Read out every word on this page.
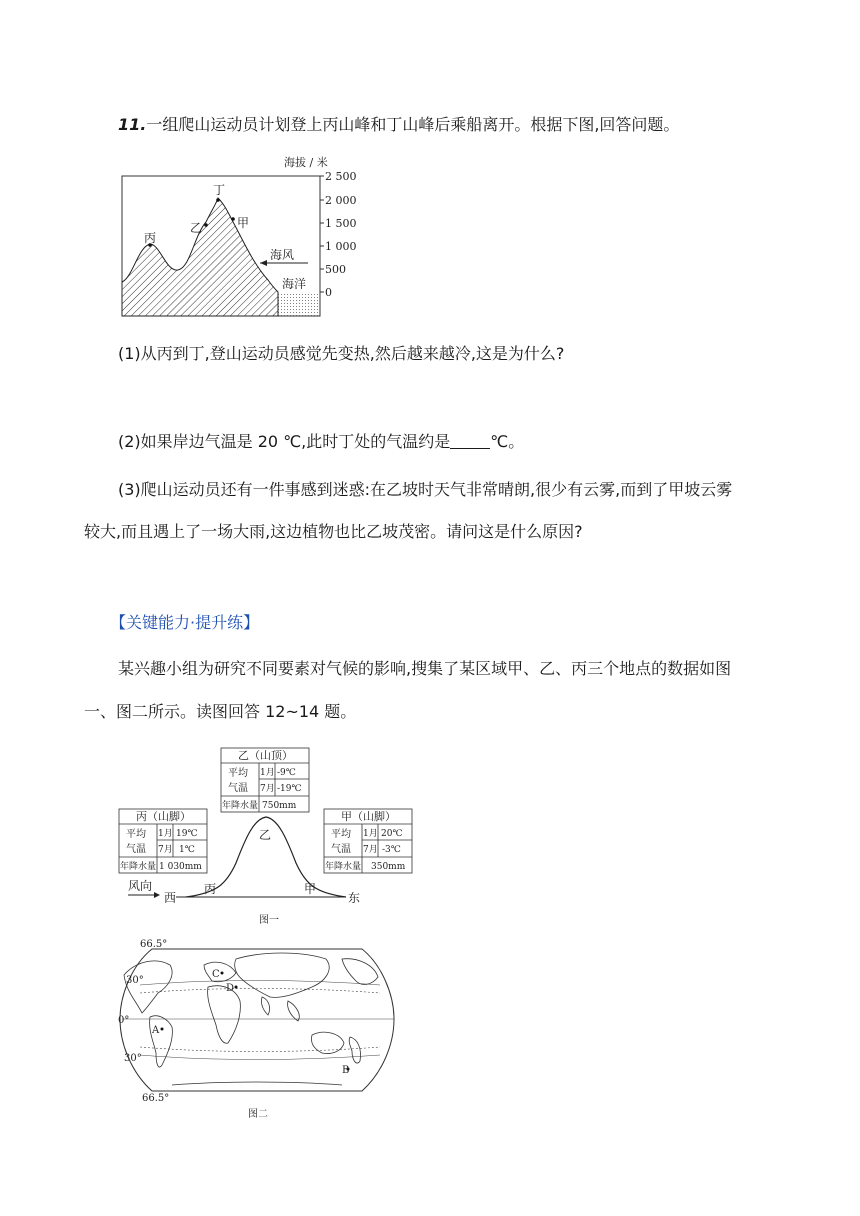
11.一组爬山运动员计划登上丙山峰和丁山峰后乘船离开。根据下图,回答问题。
丁
乙	甲
丙
海风
海洋
海拔 / 米
2 500
2 000
1 500
1 000
500
0
(1)从丙到丁,登山运动员感觉先变热,然后越来越冷,这是为什么?
(2)如果岸边气温是 20 ℃,此时丁处的气温约是	℃。
(3)爬山运动员还有一件事感到迷惑:在乙坡时天气非常晴朗,很少有云雾,而到了甲坡云雾
较大,而且遇上了一场大雨,这边植物也比乙坡茂密。请问这是什么原因?
【关键能力·提升练】
某兴趣小组为研究不同要素对气候的影响,搜集了某区域甲、乙、丙三个地点的数据如图
一、图二所示。读图回答 12~14 题。
乙（山顶）
平均
气温
1月 -9℃
7月 -19℃
年降水量 750mm
丙（山脚）
平均
气温
1月 19℃
7月 1℃
年降水量 1 030mm
甲（山脚）
平均
气温
1月 20℃
7月 -3℃
年降水量 350mm
乙
丙	甲
西	东
风向
图一
66.5°
30°
0°
30°
66.5°
C
D
A
B
图二
